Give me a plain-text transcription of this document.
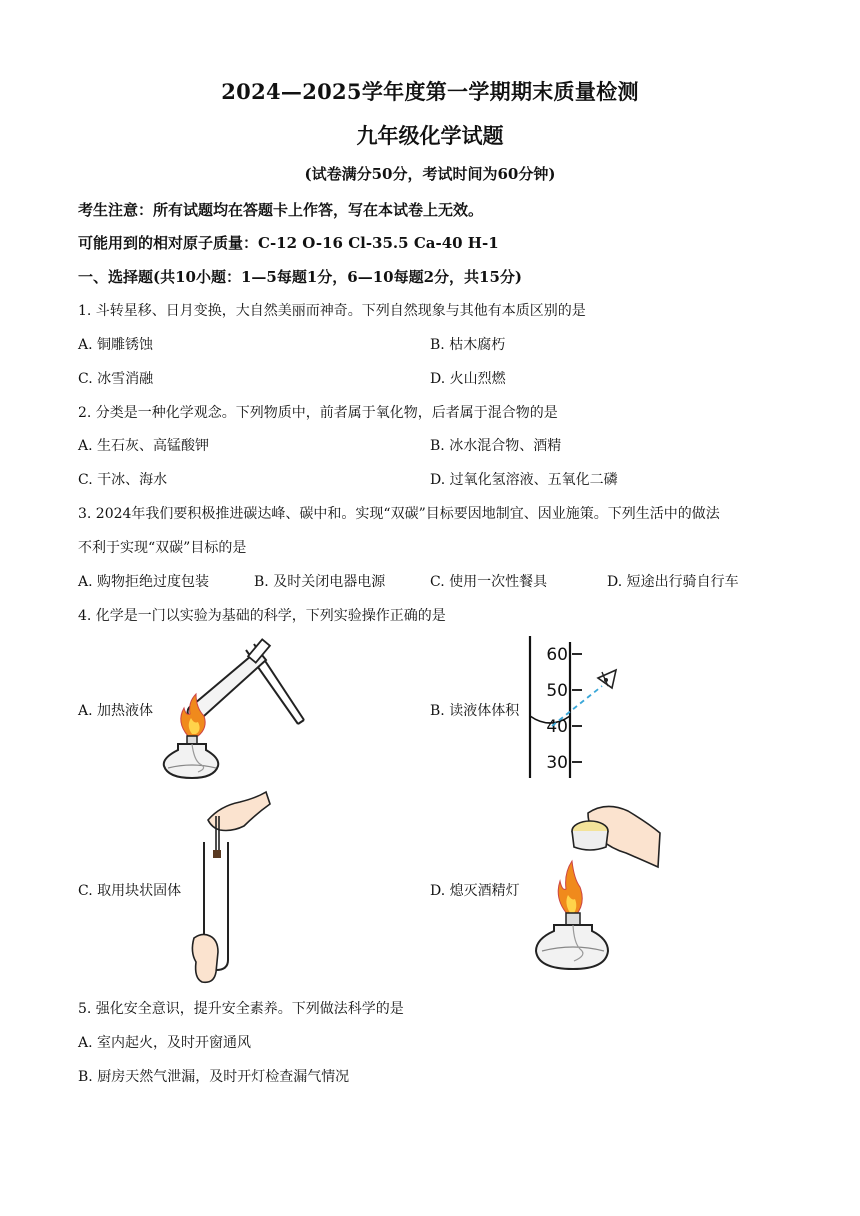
2024—2025学年度第一学期期末质量检测
九年级化学试题
(试卷满分50分，考试时间为60分钟)
考生注意：所有试题均在答题卡上作答，写在本试卷上无效。
可能用到的相对原子质量：C-12 O-16 Cl-35.5 Ca-40 H-1
一、选择题(共10小题：1—5每题1分，6—10每题2分，共15分)
1. 斗转星移、日月变换，大自然美丽而神奇。下列自然现象与其他有本质区别的是
A. 铜雕锈蚀	B. 枯木腐朽
C. 冰雪消融	D. 火山烈燃
2. 分类是一种化学观念。下列物质中，前者属于氧化物，后者属于混合物的是
A. 生石灰、高锰酸钾	B. 冰水混合物、酒精
C. 干冰、海水	D. 过氧化氢溶液、五氧化二磷
3. 2024年我们要积极推进碳达峰、碳中和。实现“双碳”目标要因地制宜、因业施策。下列生活中的做法
不利于实现“双碳”目标的是
A. 购物拒绝过度包装	B. 及时关闭电器电源	C. 使用一次性餐具	D. 短途出行骑自行车
4. 化学是一门以实验为基础的科学，下列实验操作正确的是
A. 加热液体	B. 读液体体积
60
50
40
30
C. 取用块状固体	D. 熄灭酒精灯
5. 强化安全意识，提升安全素养。下列做法科学的是
A. 室内起火，及时开窗通风
B. 厨房天然气泄漏，及时开灯检查漏气情况
